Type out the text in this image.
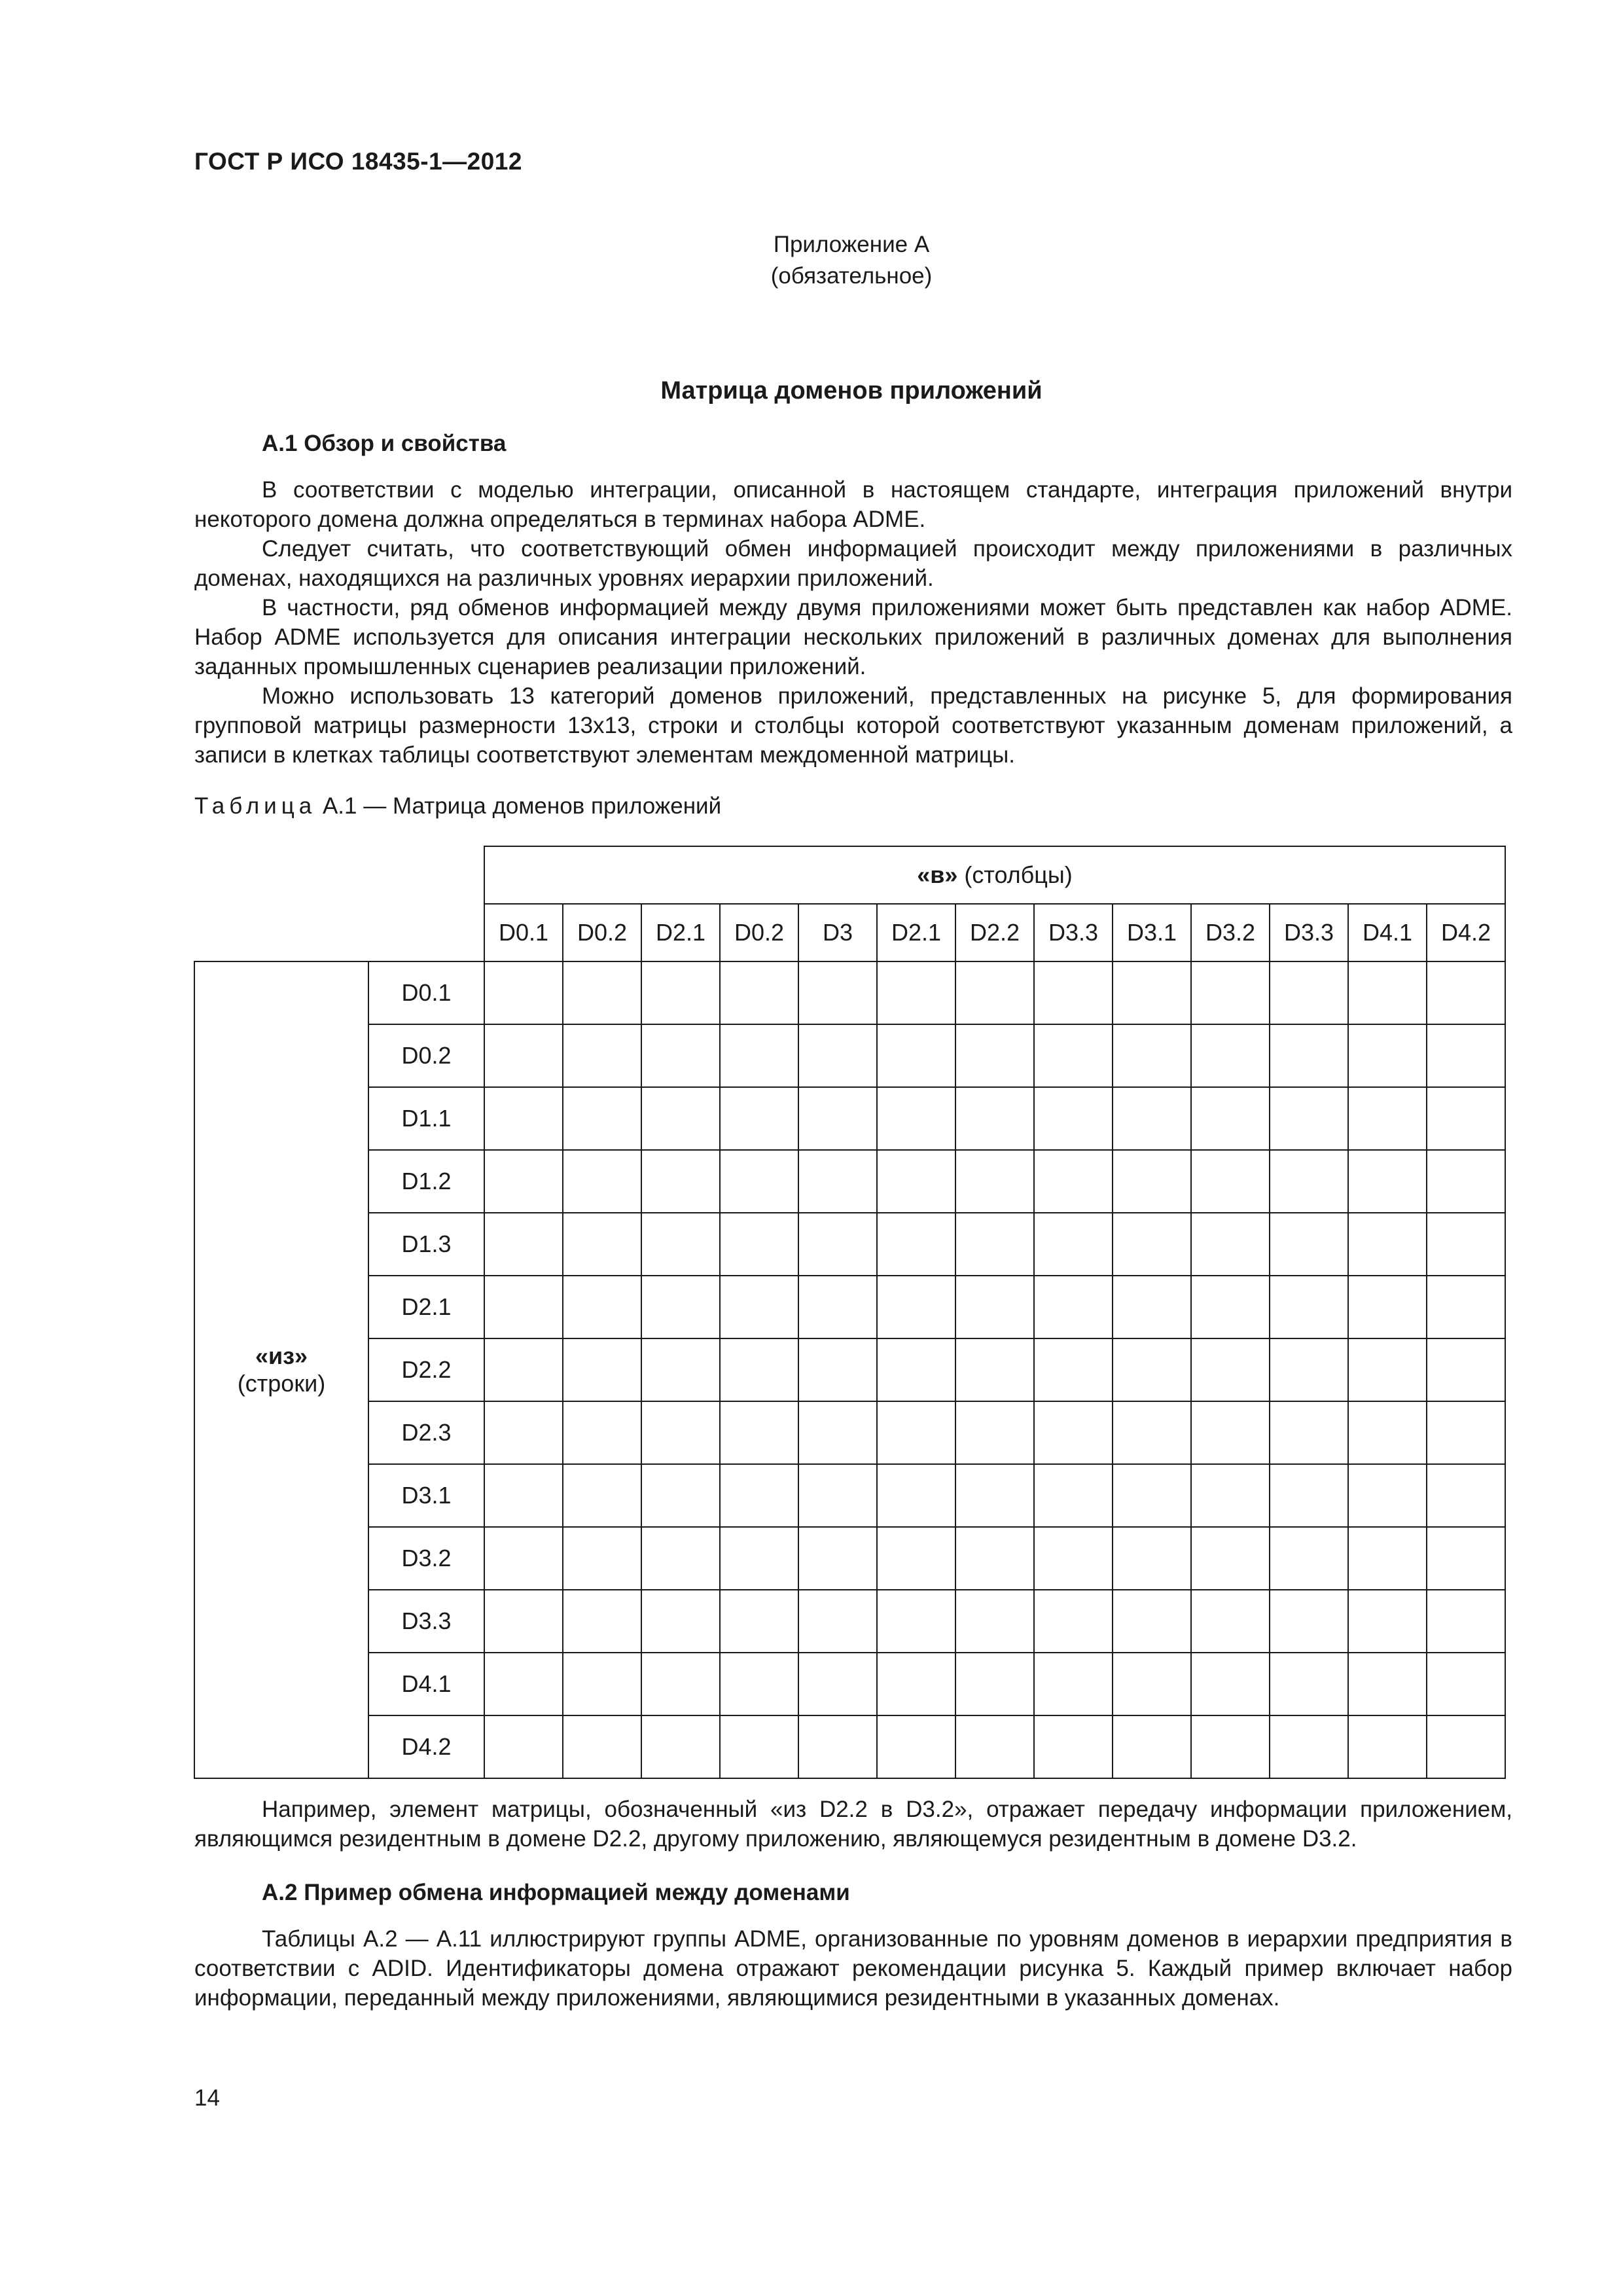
ГОСТ Р ИСО 18435-1—2012
Приложение А
(обязательное)
Матрица доменов приложений
А.1 Обзор и свойства
В соответствии с моделью интеграции, описанной в настоящем стандарте, интеграция приложений внутри некоторого домена должна определяться в терминах набора ADME.
Следует считать, что соответствующий обмен информацией происходит между приложениями в различных доменах, находящихся на различных уровнях иерархии приложений.
В частности, ряд обменов информацией между двумя приложениями может быть представлен как набор ADME. Набор ADME используется для описания интеграции нескольких приложений в различных доменах для выполнения заданных промышленных сценариев реализации приложений.
Можно использовать 13 категорий доменов приложений, представленных на рисунке 5, для формирования групповой матрицы размерности 13x13, строки и столбцы которой соответствуют указанным доменам приложений, а записи в клетках таблицы соответствуют элементам междоменной матрицы.
Таблица А.1 — Матрица доменов приложений
		«в» (столбцы)												
		D0.1	D0.2	D2.1	D0.2	D3	D2.1	D2.2	D3.3	D3.1	D3.2	D3.3	D4.1	D4.2

«из»
(строки)	D0.1													
	D0.2													
	D1.1													
	D1.2													
	D1.3													
	D2.1													
	D2.2													
	D2.3													
	D3.1													
	D3.2													
	D3.3													
	D4.1													
	D4.2													
Например, элемент матрицы, обозначенный «из D2.2 в D3.2», отражает передачу информации приложением, являющимся резидентным в домене D2.2, другому приложению, являющемуся резидентным в домене D3.2.
А.2 Пример обмена информацией между доменами
Таблицы А.2 — А.11 иллюстрируют группы ADME, организованные по уровням доменов в иерархии предприятия в соответствии с ADID. Идентификаторы домена отражают рекомендации рисунка 5. Каждый пример включает набор информации, переданный между приложениями, являющимися резидентными в указанных доменах.
14
